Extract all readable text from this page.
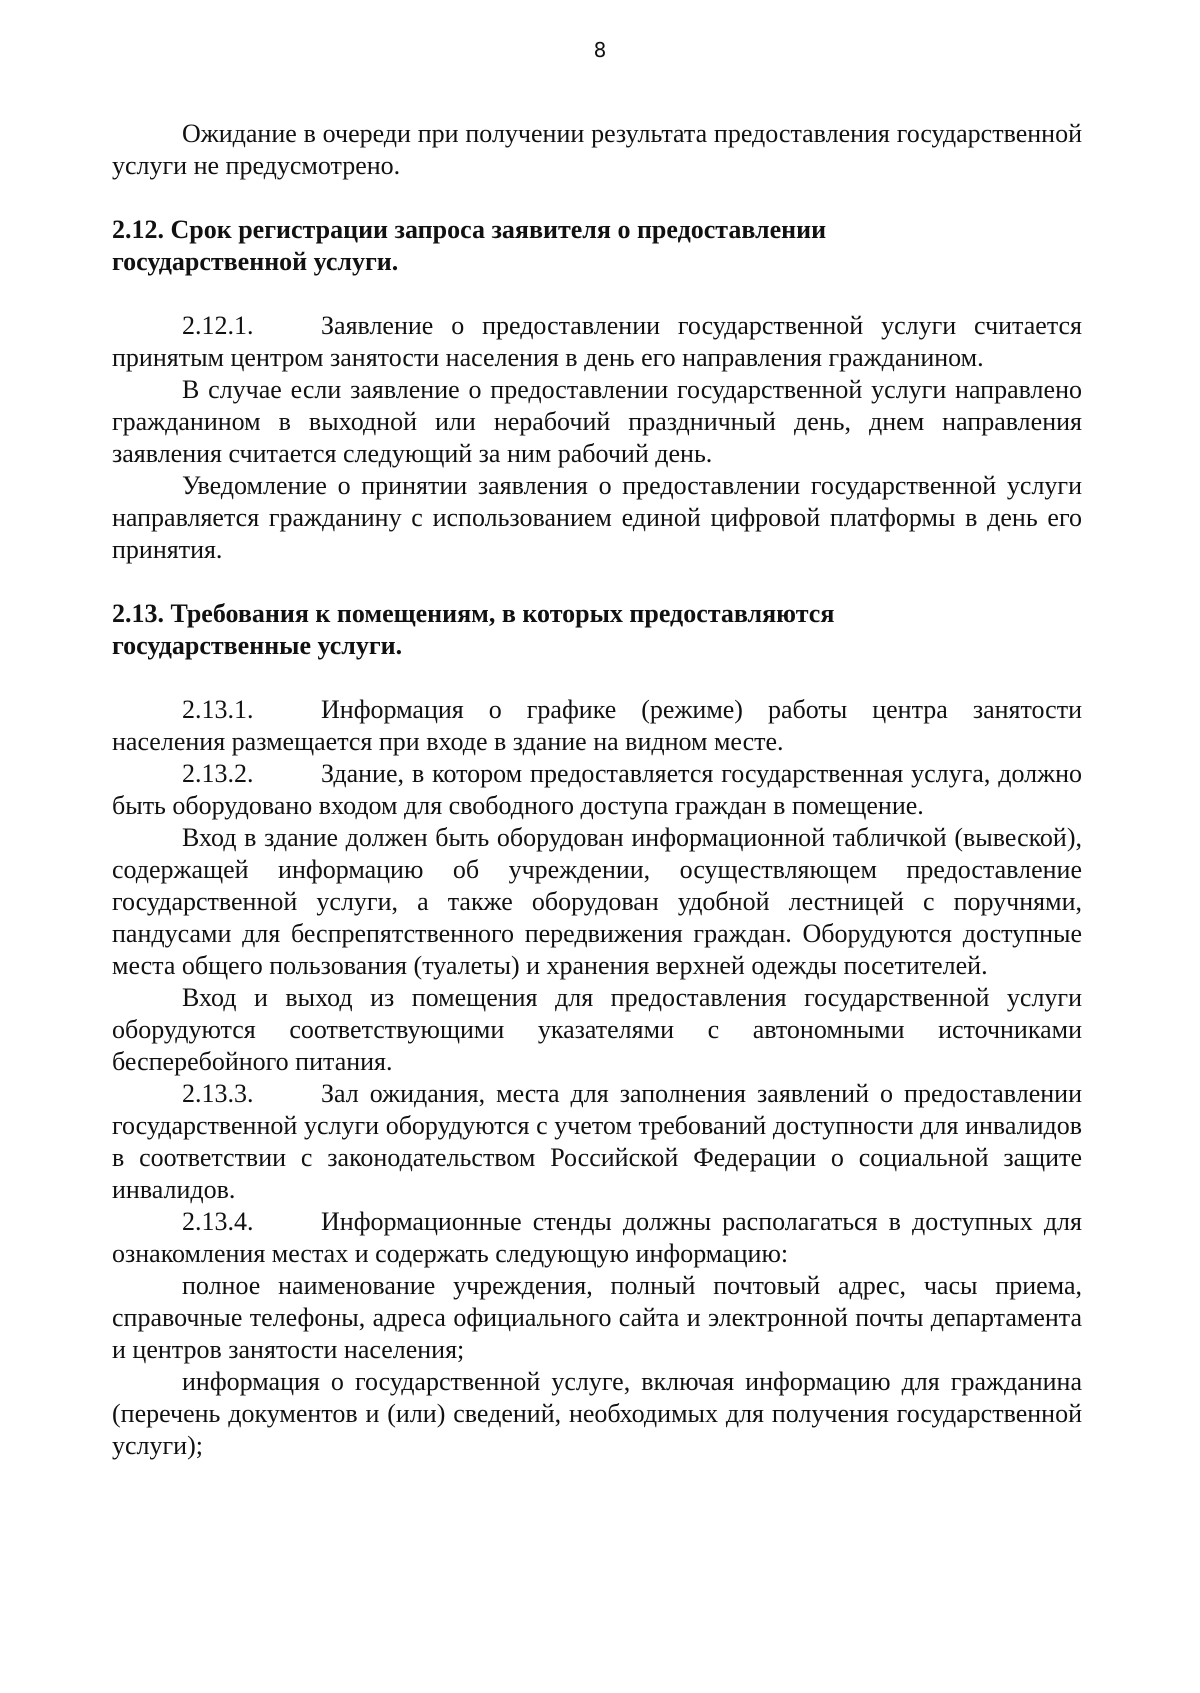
8

Ожидание в очереди при получении результата предоставления государственной услуги не предусмотрено.

2.12. Срок регистрации запроса заявителя о предоставлении

государственной услуги.

2.12.1.	Заявление о предоставлении государственной услуги считается принятым центром занятости населения в день его направления гражданином.

В случае если заявление о предоставлении государственной услуги направлено гражданином в выходной или нерабочий праздничный день, днем направления заявления считается следующий за ним рабочий день.

Уведомление о принятии заявления о предоставлении государственной услуги направляется гражданину с использованием единой цифровой платформы в день его принятия.

2.13. Требования к помещениям, в которых предоставляются

государственные услуги.

2.13.1.	Информация о графике (режиме) работы центра занятости населения размещается при входе в здание на видном месте.

2.13.2.	Здание, в котором предоставляется государственная услуга, должно быть оборудовано входом для свободного доступа граждан в помещение.

Вход в здание должен быть оборудован информационной табличкой (вывеской), содержащей информацию об учреждении, осуществляющем предоставление государственной услуги, а также оборудован удобной лестницей с поручнями, пандусами для беспрепятственного передвижения граждан. Оборудуются доступные места общего пользования (туалеты) и хранения верхней одежды посетителей.

Вход и выход из помещения для предоставления государственной услуги оборудуются соответствующими указателями с автономными источниками бесперебойного питания.

2.13.3.	Зал ожидания, места для заполнения заявлений о предоставлении государственной услуги оборудуются с учетом требований доступности для инвалидов в соответствии с законодательством Российской Федерации о социальной защите инвалидов.

2.13.4.	Информационные стенды должны располагаться в доступных для ознакомления местах и содержать следующую информацию:

полное наименование учреждения, полный почтовый адрес, часы приема, справочные телефоны, адреса официального сайта и электронной почты департамента и центров занятости населения;

информация о государственной услуге, включая информацию для гражданина (перечень документов и (или) сведений, необходимых для получения государственной услуги);
